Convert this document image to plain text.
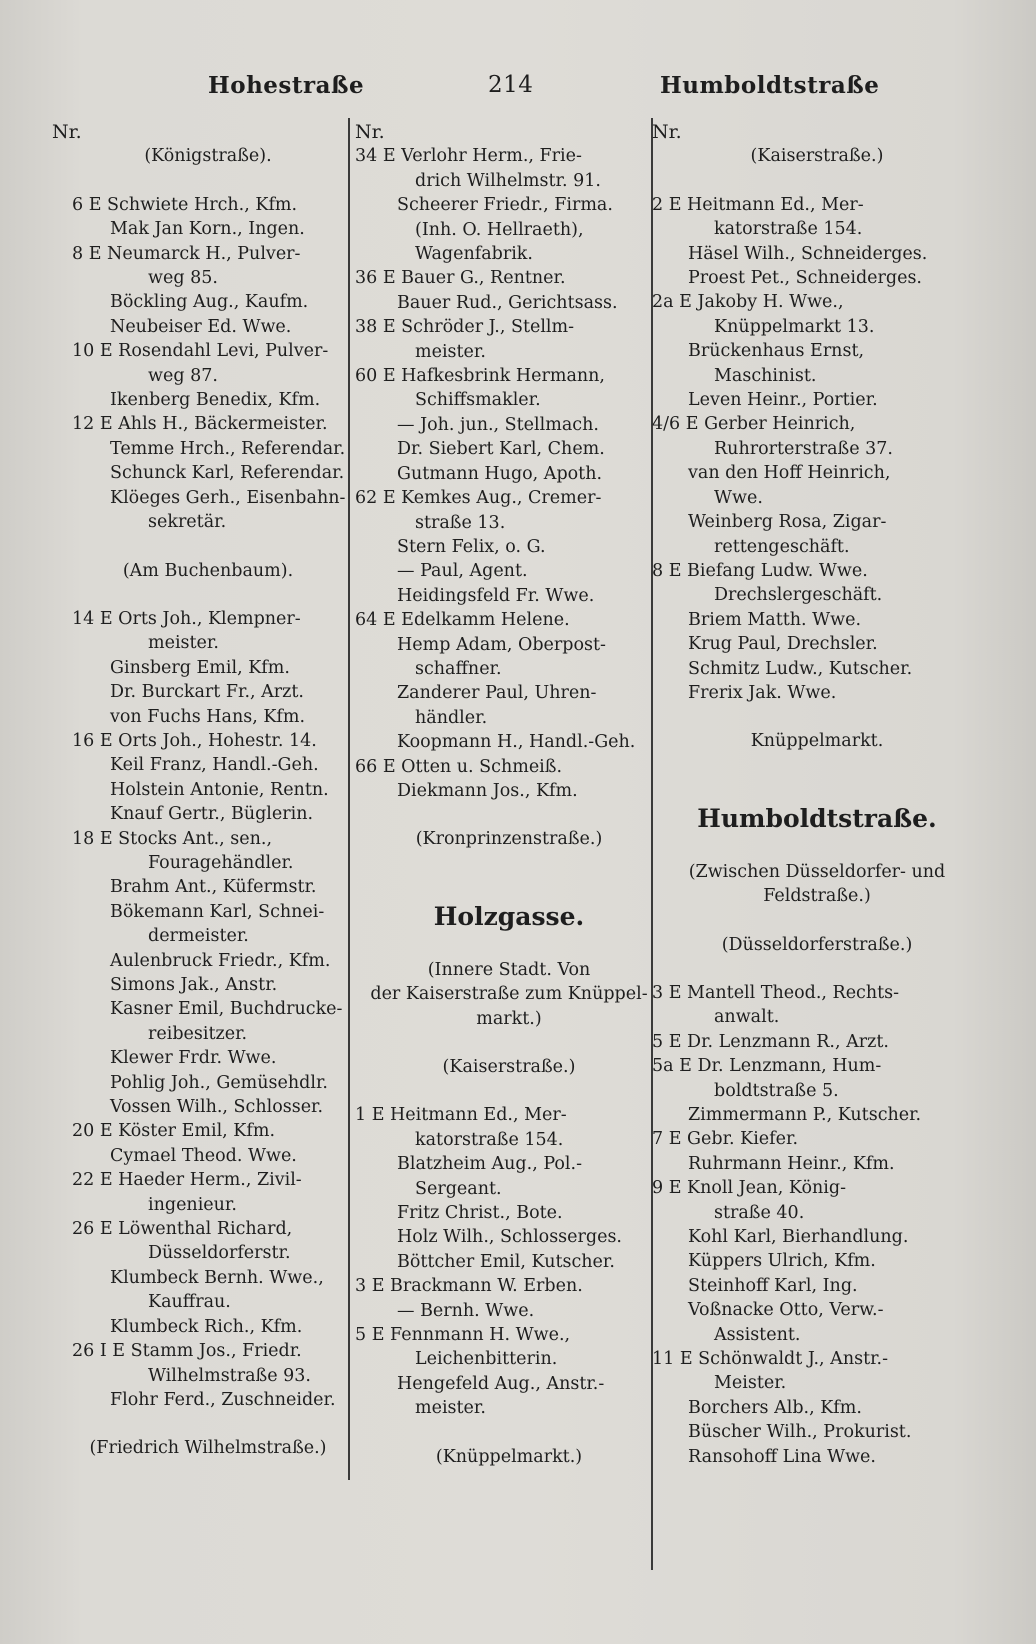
Hohestraße	214	Humboldtstraße
Nr.
(Königstraße).
6 E Schwiete Hrch., Kfm.
Mak Jan Korn., Ingen.
8 E Neumarck H., Pulver-
weg 85.
Böckling Aug., Kaufm.
Neubeiser Ed. Wwe.
10 E Rosendahl Levi, Pulver-
weg 87.
Ikenberg Benedix, Kfm.
12 E Ahls H., Bäckermeister.
Temme Hrch., Referendar.
Schunck Karl, Referendar.
Klöeges Gerh., Eisenbahn-
sekretär.
(Am Buchenbaum).
14 E Orts Joh., Klempner-
meister.
Ginsberg Emil, Kfm.
Dr. Burckart Fr., Arzt.
von Fuchs Hans, Kfm.
16 E Orts Joh., Hohestr. 14.
Keil Franz, Handl.-Geh.
Holstein Antonie, Rentn.
Knauf Gertr., Büglerin.
18 E Stocks Ant., sen.,
Fouragehändler.
Brahm Ant., Küfermstr.
Bökemann Karl, Schnei-
dermeister.
Aulenbruck Friedr., Kfm.
Simons Jak., Anstr.
Kasner Emil, Buchdrucke-
reibesitzer.
Klewer Frdr. Wwe.
Pohlig Joh., Gemüsehdlr.
Vossen Wilh., Schlosser.
20 E Köster Emil, Kfm.
Cymael Theod. Wwe.
22 E Haeder Herm., Zivil-
ingenieur.
26 E Löwenthal Richard,
Düsseldorferstr.
Klumbeck Bernh. Wwe.,
Kauffrau.
Klumbeck Rich., Kfm.
26 I E Stamm Jos., Friedr.
Wilhelmstraße 93.
Flohr Ferd., Zuschneider.
(Friedrich Wilhelmstraße.)
Nr.
34 E Verlohr Herm., Frie-
drich Wilhelmstr. 91.
Scheerer Friedr., Firma.
(Inh. O. Hellraeth),
Wagenfabrik.
36 E Bauer G., Rentner.
Bauer Rud., Gerichtsass.
38 E Schröder J., Stellm-
meister.
60 E Hafkesbrink Hermann,
Schiffsmakler.
— Joh. jun., Stellmach.
Dr. Siebert Karl, Chem.
Gutmann Hugo, Apoth.
62 E Kemkes Aug., Cremer-
straße 13.
Stern Felix, o. G.
— Paul, Agent.
Heidingsfeld Fr. Wwe.
64 E Edelkamm Helene.
Hemp Adam, Oberpost-
schaffner.
Zanderer Paul, Uhren-
händler.
Koopmann H., Handl.-Geh.
66 E Otten u. Schmeiß.
Diekmann Jos., Kfm.
(Kronprinzenstraße.)
Holzgasse.
(Innere Stadt. Von
der Kaiserstraße zum Knüppel-
markt.)
(Kaiserstraße.)
1 E Heitmann Ed., Mer-
katorstraße 154.
Blatzheim Aug., Pol.-
Sergeant.
Fritz Christ., Bote.
Holz Wilh., Schlosserges.
Böttcher Emil, Kutscher.
3 E Brackmann W. Erben.
— Bernh. Wwe.
5 E Fennmann H. Wwe.,
Leichenbitterin.
Hengefeld Aug., Anstr.-
meister.
(Knüppelmarkt.)
Nr.
(Kaiserstraße.)
2 E Heitmann Ed., Mer-
katorstraße 154.
Häsel Wilh., Schneiderges.
Proest Pet., Schneiderges.
2a E Jakoby H. Wwe.,
Knüppelmarkt 13.
Brückenhaus Ernst,
Maschinist.
Leven Heinr., Portier.
4/6 E Gerber Heinrich,
Ruhrorterstraße 37.
van den Hoff Heinrich,
Wwe.
Weinberg Rosa, Zigar-
rettengeschäft.
8 E Biefang Ludw. Wwe.
Drechslergeschäft.
Briem Matth. Wwe.
Krug Paul, Drechsler.
Schmitz Ludw., Kutscher.
Frerix Jak. Wwe.
Knüppelmarkt.
Humboldtstraße.
(Zwischen Düsseldorfer- und
Feldstraße.)
(Düsseldorferstraße.)
3 E Mantell Theod., Rechts-
anwalt.
5 E Dr. Lenzmann R., Arzt.
5a E Dr. Lenzmann, Hum-
boldtstraße 5.
Zimmermann P., Kutscher.
7 E Gebr. Kiefer.
Ruhrmann Heinr., Kfm.
9 E Knoll Jean, König-
straße 40.
Kohl Karl, Bierhandlung.
Küppers Ulrich, Kfm.
Steinhoff Karl, Ing.
Voßnacke Otto, Verw.-
Assistent.
11 E Schönwaldt J., Anstr.-
Meister.
Borchers Alb., Kfm.
Büscher Wilh., Prokurist.
Ransohoff Lina Wwe.
